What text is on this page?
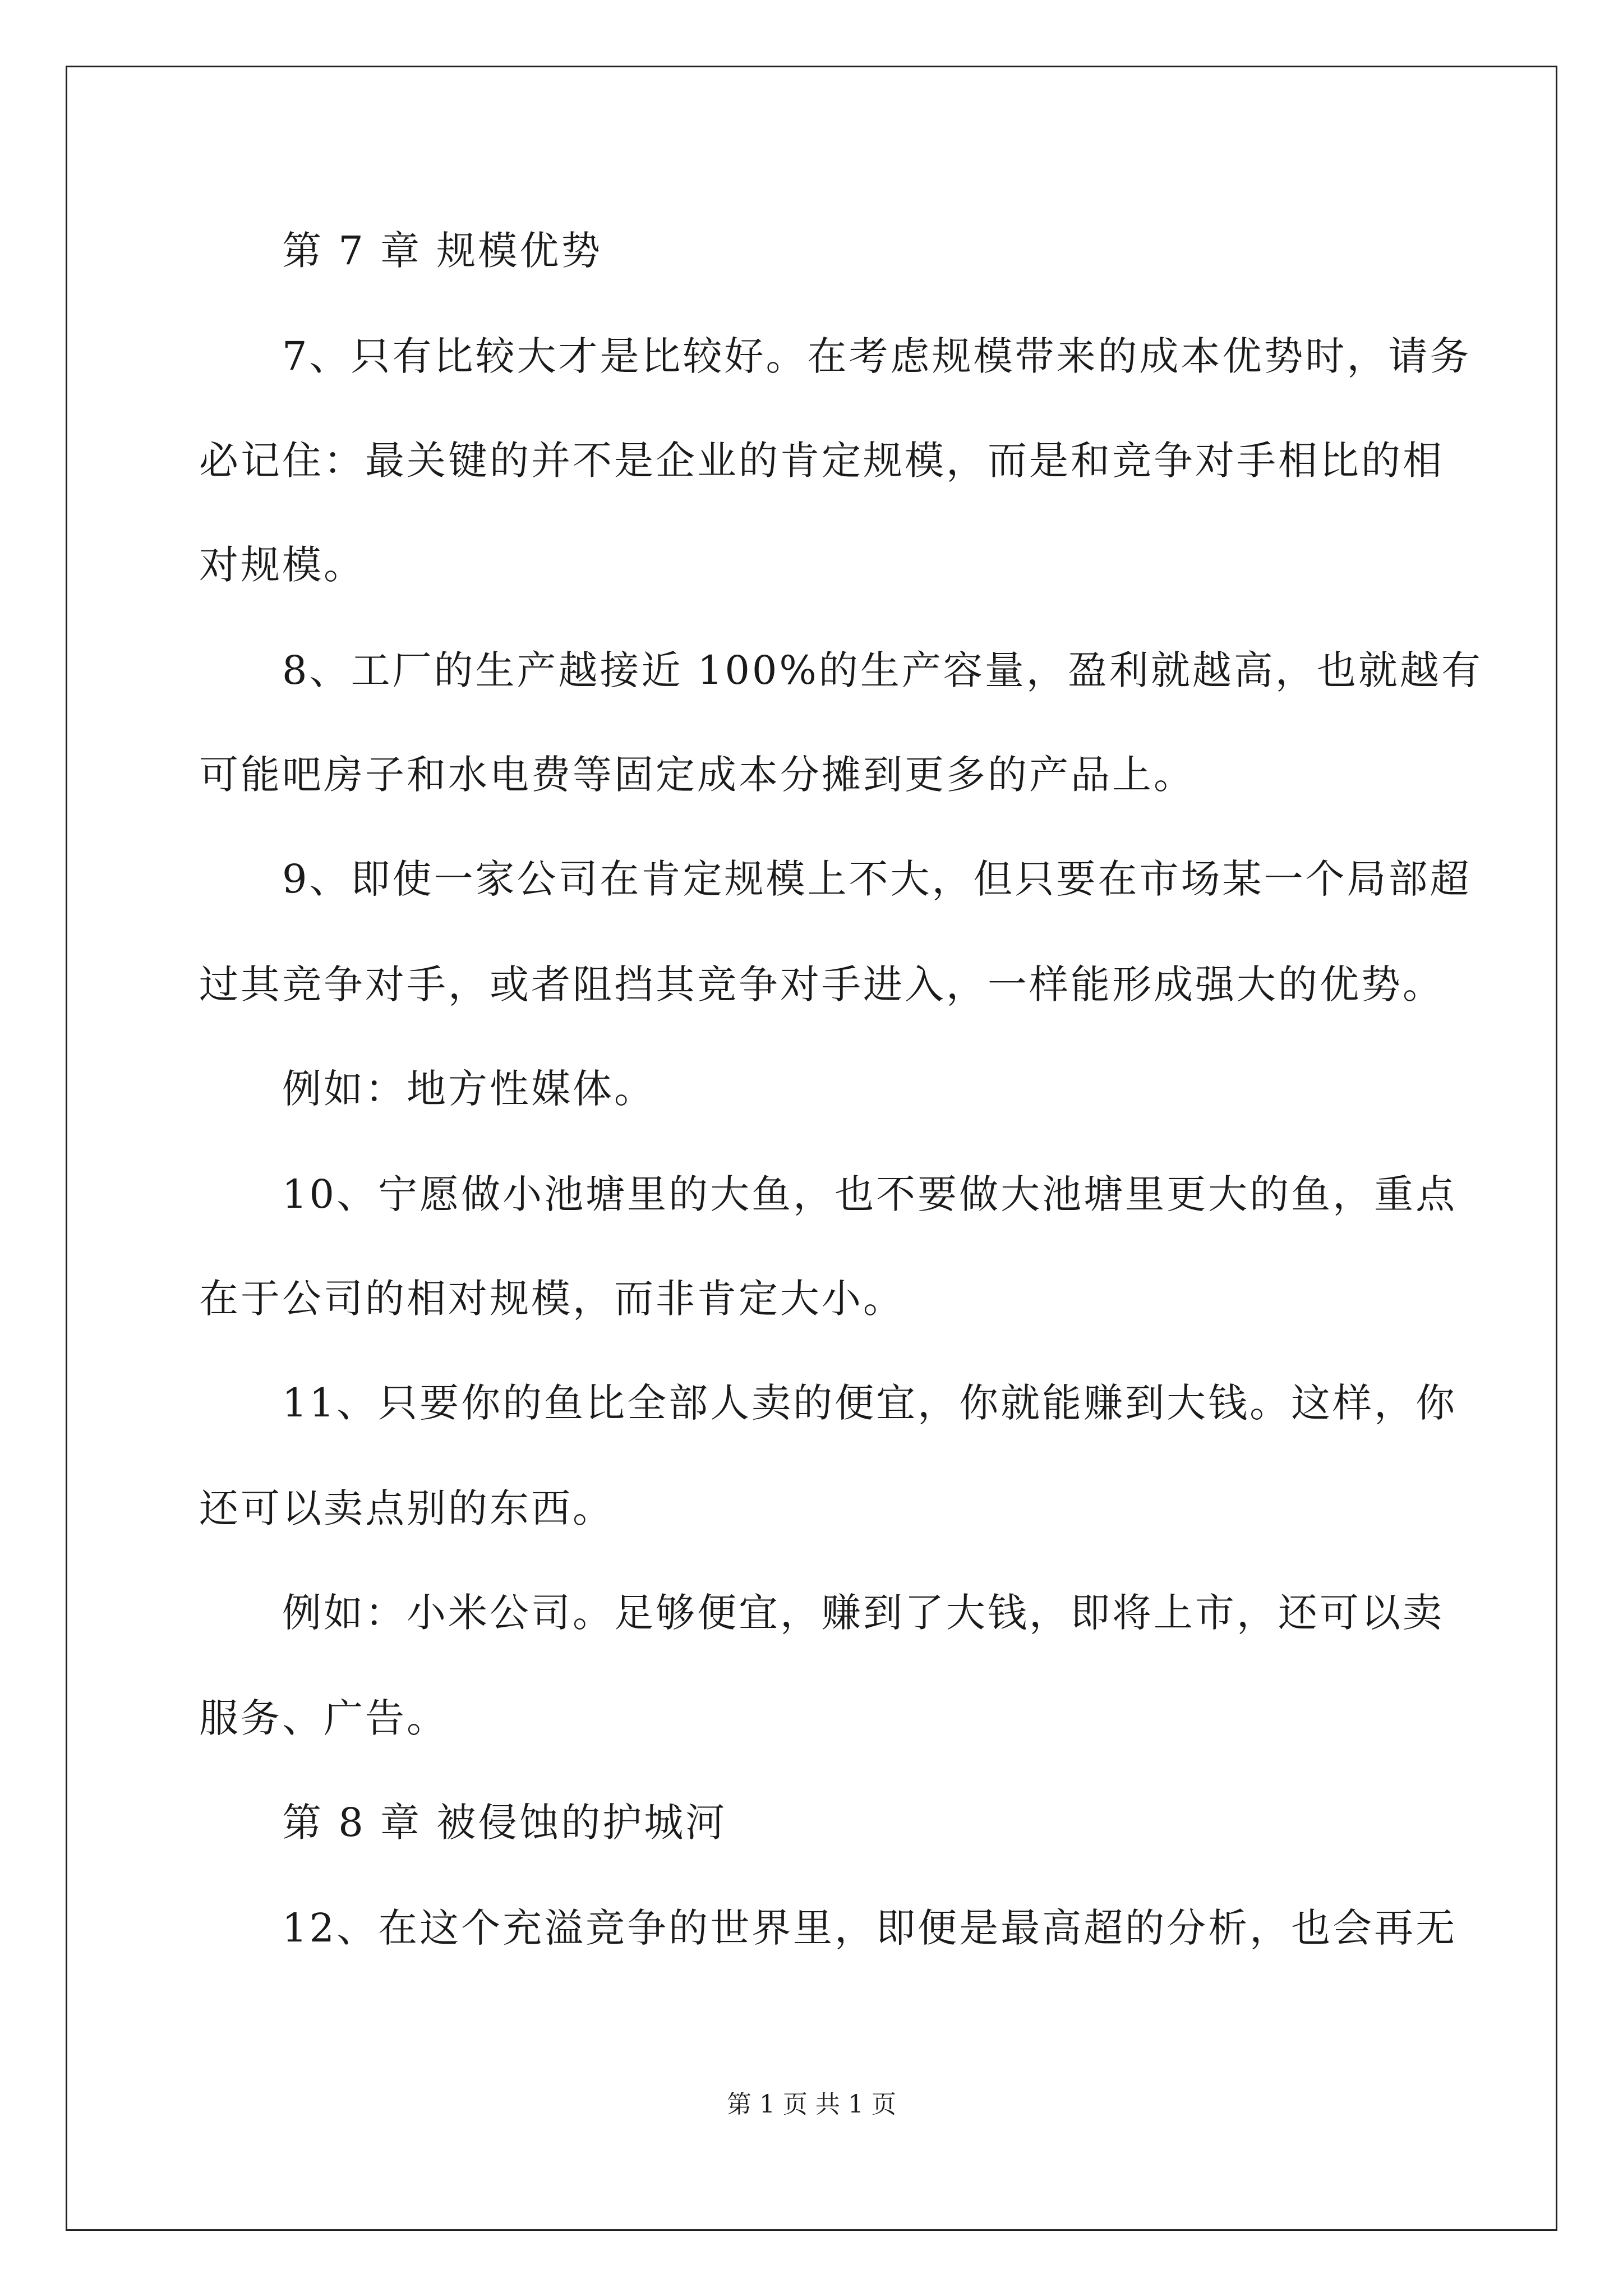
第 7 章 规模优势
7、只有比较大才是比较好。在考虑规模带来的成本优势时，请务
必记住：最关键的并不是企业的肯定规模，而是和竞争对手相比的相
对规模。
8、工厂的生产越接近 100%的生产容量，盈利就越高，也就越有
可能吧房子和水电费等固定成本分摊到更多的产品上。
9、即使一家公司在肯定规模上不大，但只要在市场某一个局部超
过其竞争对手，或者阻挡其竞争对手进入，一样能形成强大的优势。
例如：地方性媒体。
10、宁愿做小池塘里的大鱼，也不要做大池塘里更大的鱼，重点
在于公司的相对规模，而非肯定大小。
11、只要你的鱼比全部人卖的便宜，你就能赚到大钱。这样，你
还可以卖点别的东西。
例如：小米公司。足够便宜，赚到了大钱，即将上市，还可以卖
服务、广告。
第 8 章 被侵蚀的护城河
12、在这个充溢竞争的世界里，即便是最高超的分析，也会再无
第 1 页 共 1 页
